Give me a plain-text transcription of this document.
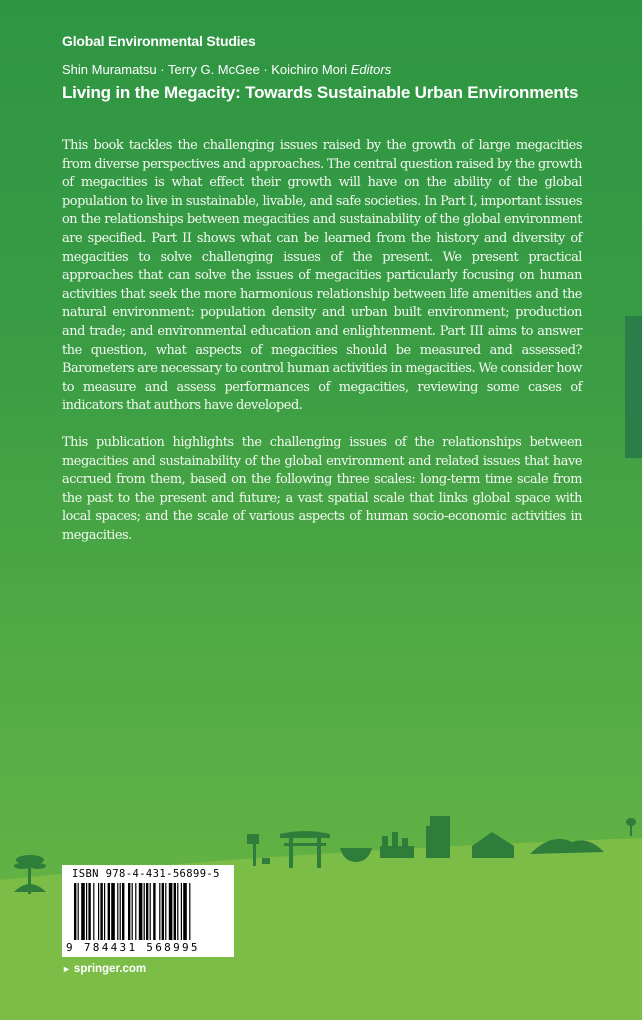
Global Environmental Studies
Shin Muramatsu · Terry G. McGee · Koichiro Mori Editors
Living in the Megacity: Towards Sustainable Urban Environments

This book tackles the challenging issues raised by the growth of large megacities from diverse perspectives and approaches. The central question raised by the growth of megacities is what effect their growth will have on the ability of the global population to live in sustainable, livable, and safe societies. In Part I, important issues on the relationships between megacities and sustainability of the global environment are specified. Part II shows what can be learned from the history and diversity of megacities to solve challenging issues of the present. We present practical approaches that can solve the issues of megacities particularly focusing on human activities that seek the more harmonious relationship between life amenities and the natural environment: population density and urban built environment; production and trade; and environmental education and enlightenment. Part III aims to answer the question, what aspects of megacities should be measured and assessed? Barometers are necessary to control human activities in megacities. We consider how to measure and assess performances of megacities, reviewing some cases of indicators that authors have developed.

This publication highlights the challenging issues of the relationships between megacities and sustainability of the global environment and related issues that have accrued from them, based on the following three scales: long-term time scale from the past to the present and future; a vast spatial scale that links global space with local spaces; and the scale of various aspects of human socio-economic activities in megacities.

ISBN 978-4-431-56899-5
9 784431 568995
► springer.com
